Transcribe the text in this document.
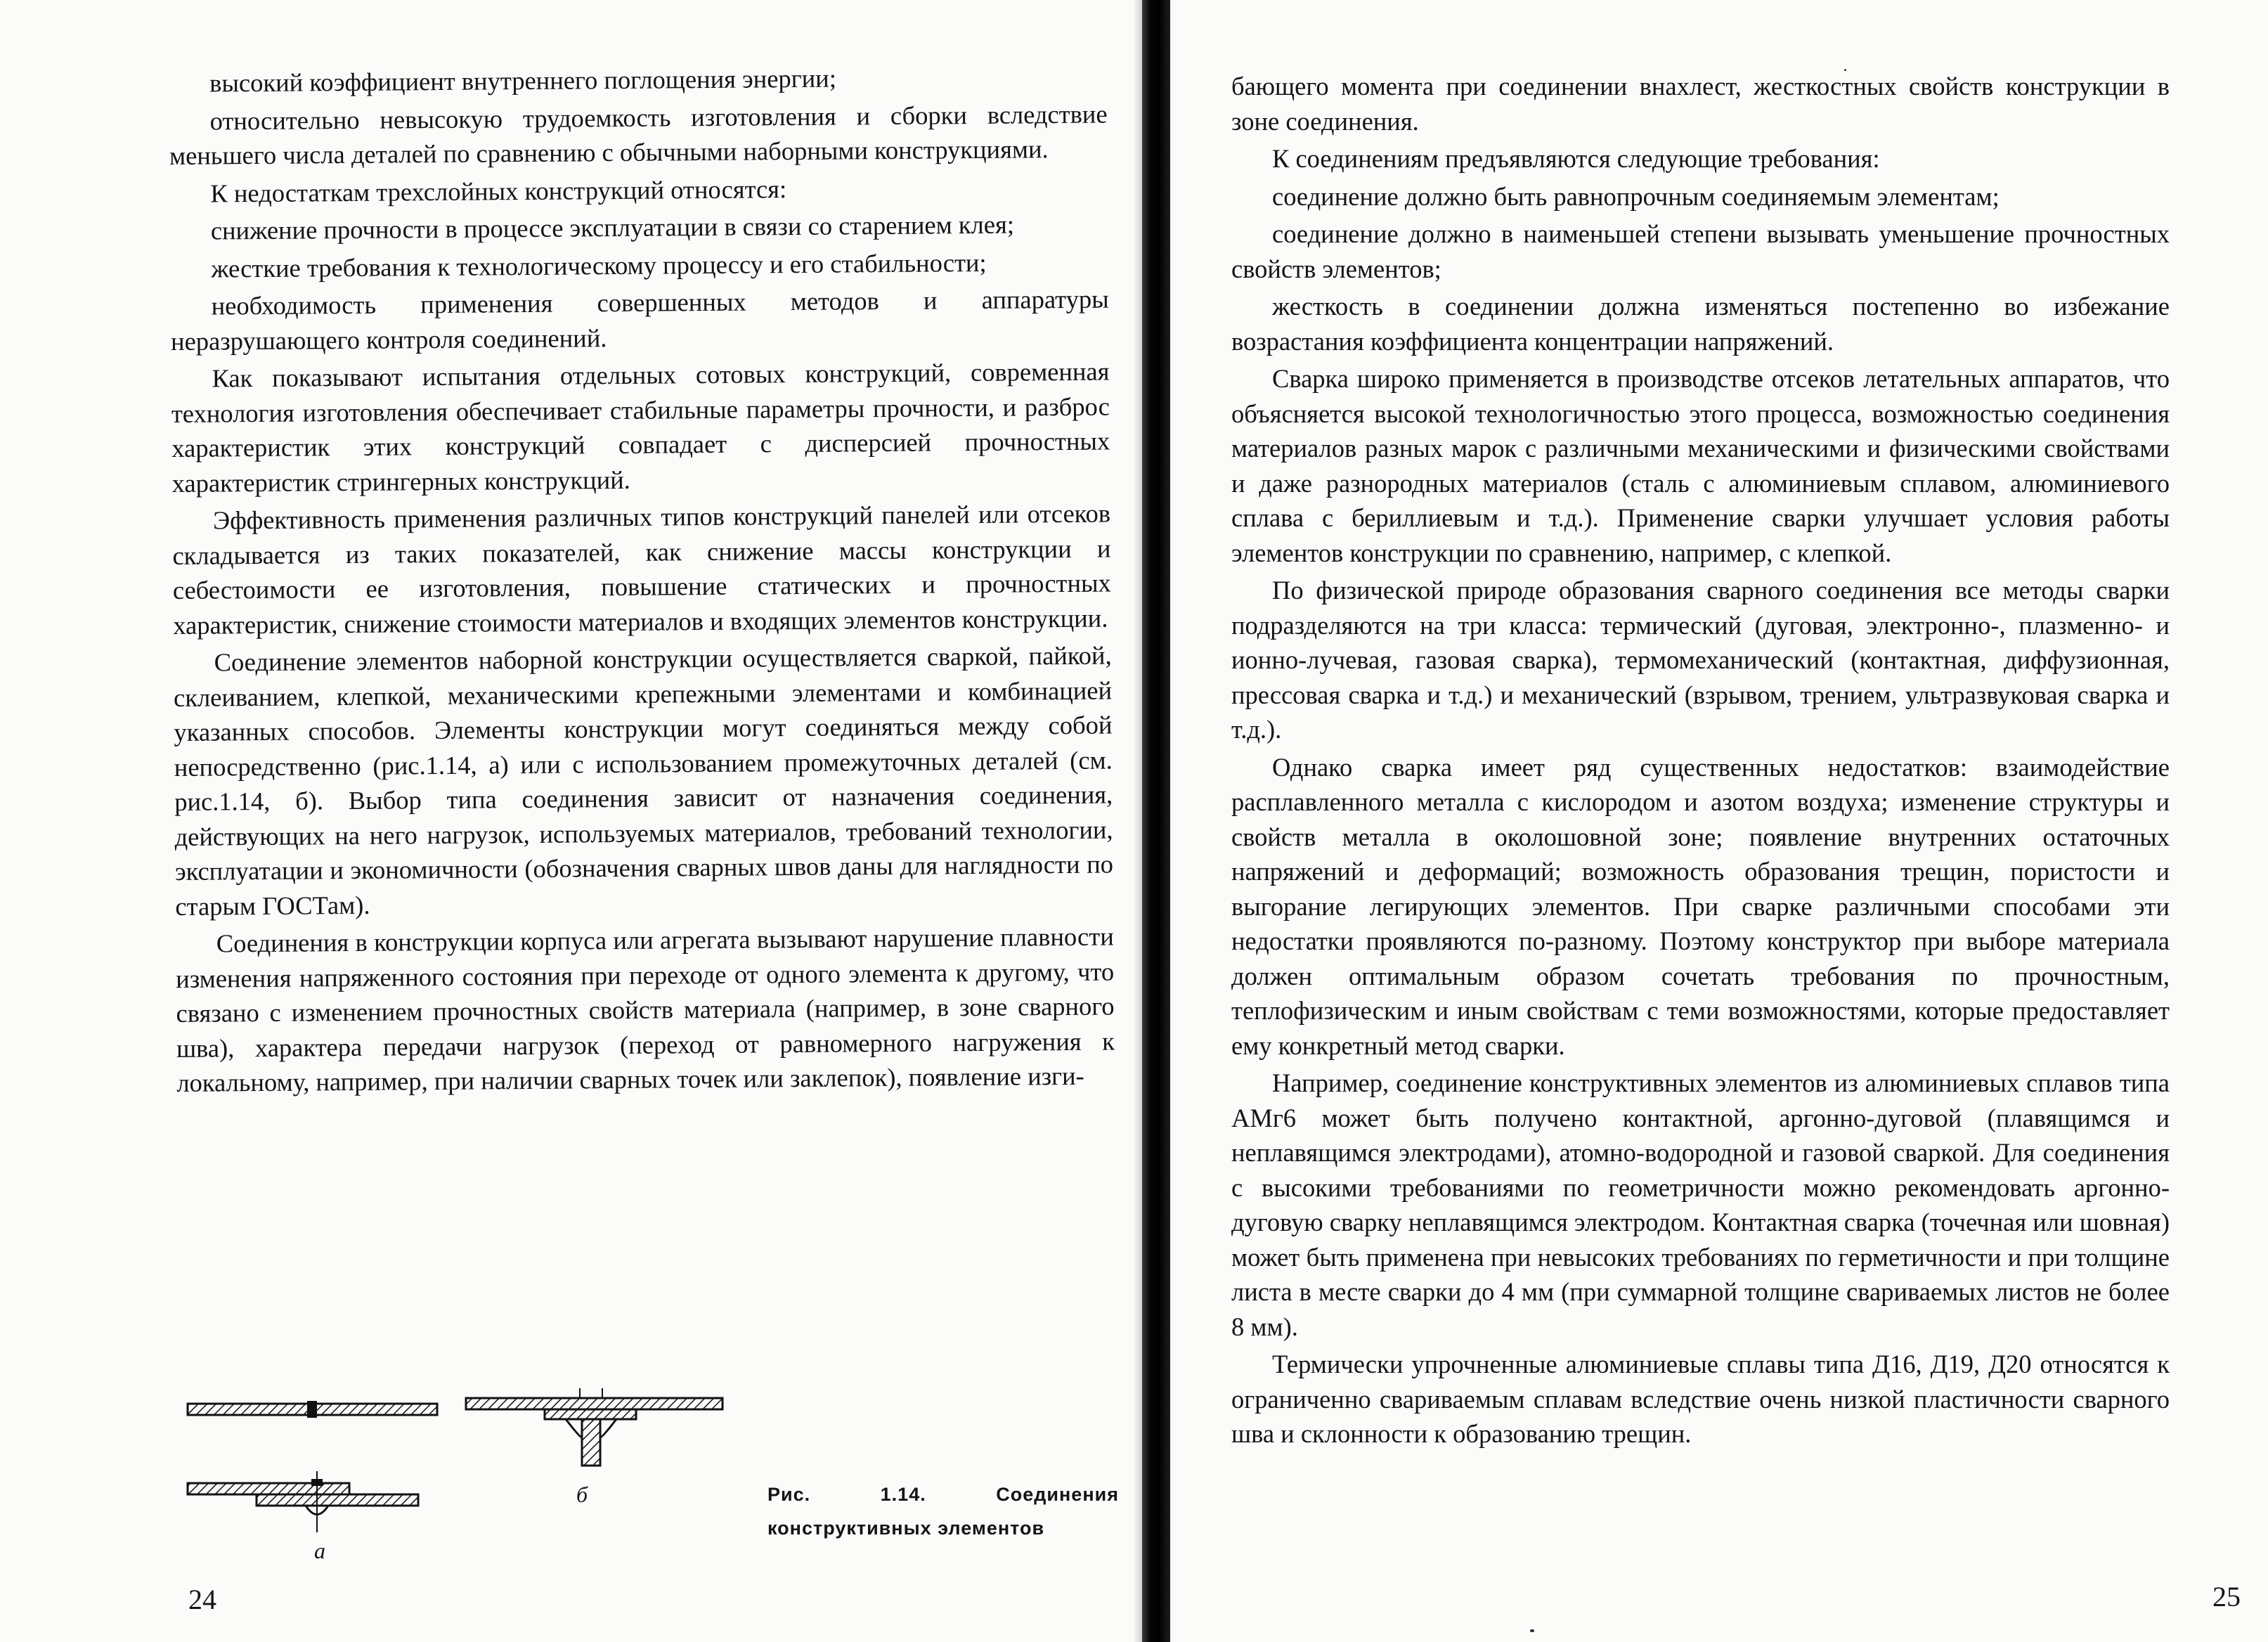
высокий коэффициент внутреннего поглощения энергии;

относительно невысокую трудоемкость изготовления и сборки вследствие меньшего числа деталей по сравнению с обычными наборными конструкциями.

К недостаткам трехслойных конструкций относятся:

снижение прочности в процессе эксплуатации в связи со старением клея;

жесткие требования к технологическому процессу и его стабильности;

необходимость применения совершенных методов и аппаратуры неразрушающего контроля соединений.

Как показывают испытания отдельных сотовых конструкций, современная технология изготовления обеспечивает стабильные параметры прочности, и разброс характеристик этих конструкций совпадает с дисперсией прочностных характеристик стрингерных конструкций.

Эффективность применения различных типов конструкций панелей или отсеков складывается из таких показателей, как снижение массы конструкции и себестоимости ее изготовления, повышение статических и прочностных характеристик, снижение стоимости материалов и входящих элементов конструкции.

Соединение элементов наборной конструкции осуществляется сваркой, пайкой, склеиванием, клепкой, механическими крепежными элементами и комбинацией указанных способов. Элементы конструкции могут соединяться между собой непосредственно (рис.1.14, а) или с использованием промежуточных деталей (см. рис.1.14, б). Выбор типа соединения зависит от назначения соединения, действующих на него нагрузок, используемых материалов, требований технологии, эксплуатации и экономичности (обозначения сварных швов даны для наглядности по старым ГОСТам).

Соединения в конструкции корпуса или агрегата вызывают нарушение плавности изменения напряженного состояния при переходе от одного элемента к другому, что связано с изменением прочностных свойств материала (например, в зоне сварного шва), характера передачи нагрузок (переход от равномерного нагружения к локальному, например, при наличии сварных точек или заклепок), появление изги-

а
б	Рис.	1.14.	Соединения
конструктивных элементов
24

бающего момента при соединении внахлест, жесткостных свойств конструкции в зоне соединения.

К соединениям предъявляются следующие требования:

соединение должно быть равнопрочным соединяемым элементам;

соединение должно в наименьшей степени вызывать уменьшение прочностных свойств элементов;

жесткость в соединении должна изменяться постепенно во избежание возрастания коэффициента концентрации напряжений.

Сварка широко применяется в производстве отсеков летательных аппаратов, что объясняется высокой технологичностью этого процесса, возможностью соединения материалов разных марок с различными механическими и физическими свойствами и даже разнородных материалов (сталь с алюминиевым сплавом, алюминиевого сплава с бериллиевым и т.д.). Применение сварки улучшает условия работы элементов конструкции по сравнению, например, с клепкой.

По физической природе образования сварного соединения все методы сварки подразделяются на три класса: термический (дуговая, электронно-, плазменно- и ионно-лучевая, газовая сварка), термомеханический (контактная, диффузионная, прессовая сварка и т.д.) и механический (взрывом, трением, ультразвуковая сварка и т.д.).

Однако сварка имеет ряд существенных недостатков: взаимодействие расплавленного металла с кислородом и азотом воздуха; изменение структуры и свойств металла в околошовной зоне; появление внутренних остаточных напряжений и деформаций; возможность образования трещин, пористости и выгорание легирующих элементов. При сварке различными способами эти недостатки проявляются по-разному. Поэтому конструктор при выборе материала должен оптимальным образом сочетать требования по прочностным, теплофизическим и иным свойствам с теми возможностями, которые предоставляет ему конкретный метод сварки.

Например, соединение конструктивных элементов из алюминиевых сплавов типа АМг6 может быть получено контактной, аргонно-дуговой (плавящимся и неплавящимся электродами), атомно-водородной и газовой сваркой. Для соединения с высокими требованиями по геометричности можно рекомендовать аргонно-дуговую сварку неплавящимся электродом. Контактная сварка (точечная или шовная) может быть применена при невысоких требованиях по герметичности и при толщине листа в месте сварки до 4 мм (при суммарной толщине свариваемых листов не более 8 мм).

Термически упрочненные алюминиевые сплавы типа Д16, Д19, Д20 относятся к ограниченно свариваемым сплавам вследствие очень низкой пластичности сварного шва и склонности к образованию трещин.

25
